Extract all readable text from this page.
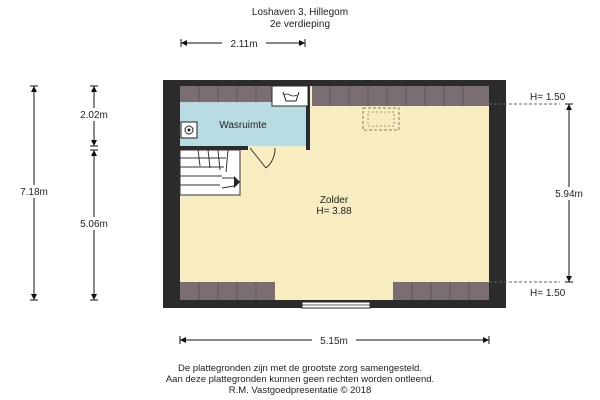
Loshaven 3, Hillegom
2e verdieping
2.11m
Wasruimte
Zolder
H= 3.88
7.18m
2.02m
5.06m
H= 1.50
H= 1.50
5.94m
5.15m
De plattegronden zijn met de grootste zorg samengesteld.
Aan deze plattegronden kunnen geen rechten worden ontleend.
R.M. Vastgoedpresentatie © 2018
